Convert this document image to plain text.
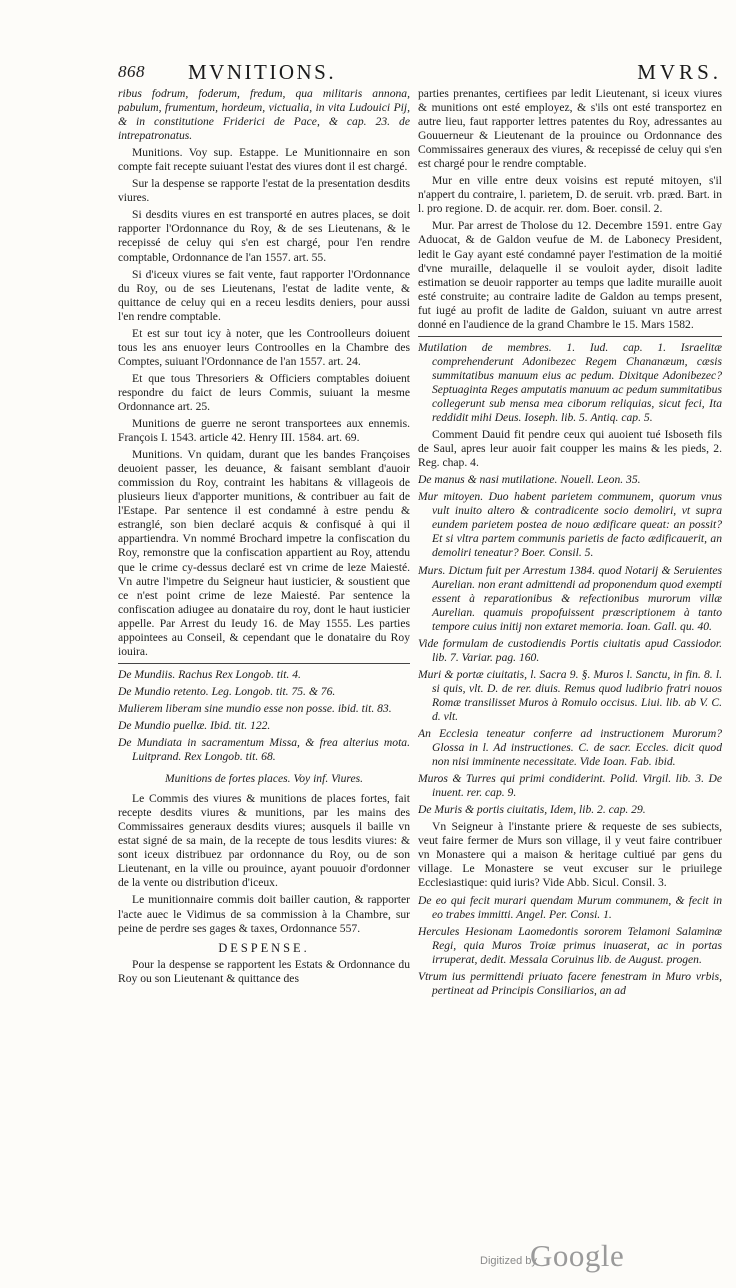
868 MVNITIONS.	MVRS.

ribus fodrum, foderum, fredum, qua militaris annona, pabulum, frumentum, hordeum, victualia, in vita Ludouici Pij, & in constitutione Friderici de Pace, & cap. 23. de intrepatronatus.

Munitions. Voy sup. Estappe. Le Munitionnaire en son compte fait recepte suiuant l'estat des viures dont il est chargé.

Sur la despense se rapporte l'estat de la presentation desdits viures.

Si desdits viures en est transporté en autres places, se doit rapporter l'Ordonnance du Roy, & de ses Lieutenans, & le recepissé de celuy qui s'en est chargé, pour l'en rendre comptable, Ordonnance de l'an 1557. art. 55.

Si d'iceux viures se fait vente, faut rapporter l'Ordonnance du Roy, ou de ses Lieutenans, l'estat de ladite vente, & quittance de celuy qui en a receu lesdits deniers, pour aussi l'en rendre comptable.

Et est sur tout icy à noter, que les Controolleurs doiuent tous les ans enuoyer leurs Controolles en la Chambre des Comptes, suiuant l'Ordonnance de l'an 1557. art. 24.

Et que tous Thresoriers & Officiers comptables doiuent respondre du faict de leurs Commis, suiuant la mesme Ordonnance art. 25.

Munitions de guerre ne seront transportees aux ennemis. François I. 1543. article 42. Henry III. 1584. art. 69.

Munitions. Vn quidam, durant que les bandes Françoises deuoient passer, les deuance, & faisant semblant d'auoir commission du Roy, contraint les habitans & villageois de plusieurs lieux d'apporter munitions, & contribuer au fait de l'Estape. Par sentence il est condamné à estre pendu & estranglé, son bien declaré acquis & confisqué à qui il appartiendra. Vn nommé Brochard impetre la confiscation du Roy, remonstre que la confiscation appartient au Roy, attendu que le crime cy-dessus declaré est vn crime de leze Maiesté. Vn autre l'impetre du Seigneur haut iusticier, & soustient que ce n'est point crime de leze Maiesté. Par sentence la confiscation adiugee au donataire du roy, dont le haut iusticier appelle. Par Arrest du Ieudy 16. de May 1555. Les parties appointees au Conseil, & cependant que le donataire du Roy iouira.

De Mundiis. Rachus Rex Longob. tit. 4.

De Mundio retento. Leg. Longob. tit. 75. & 76.

Mulierem liberam sine mundio esse non posse. ibid. tit. 83.

De Mundio puellæ. Ibid. tit. 122.

De Mundiata in sacramentum Missa, & frea alterius mota. Luitprand. Rex Longob. tit. 68.

Munitions de fortes places. Voy inf. Viures.

Le Commis des viures & munitions de places fortes, fait recepte desdits viures & munitions, par les mains des Commissaires generaux desdits viures; ausquels il baille vn estat signé de sa main, de la recepte de tous lesdits viures: & sont iceux distribuez par ordonnance du Roy, ou de son Lieutenant, en la ville ou prouince, ayant pouuoir d'ordonner de la vente ou distribution d'iceux.

Le munitionnaire commis doit bailler caution, & rapporter l'acte auec le Vidimus de sa commission à la Chambre, sur peine de perdre ses gages & taxes, Ordonnance 557.

DESPENSE.

Pour la despense se rapportent les Estats & Ordonnance du Roy ou son Lieutenant & quittance des

parties prenantes, certifiees par ledit Lieutenant, si iceux viures & munitions ont esté employez, & s'ils ont esté transportez en autre lieu, faut rapporter lettres patentes du Roy, adressantes au Gouuerneur & Lieutenant de la prouince ou Ordonnance des Commissaires generaux des viures, & recepissé de celuy qui s'en est chargé pour le rendre comptable.

Mur en ville entre deux voisins est reputé mitoyen, s'il n'appert du contraire, l. parietem, D. de seruit. vrb. præd. Bart. in l. pro regione. D. de acquir. rer. dom. Boer. consil. 2.

Mur. Par arrest de Tholose du 12. Decembre 1591. entre Gay Aduocat, & de Galdon veufue de M. de Labonecy President, ledit le Gay ayant esté condamné payer l'estimation de la moitié d'vne muraille, delaquelle il se vouloit ayder, disoit ladite estimation se deuoir rapporter au temps que ladite muraille auoit esté construite; au contraire ladite de Galdon au temps present, fut iugé au profit de ladite de Galdon, suiuant vn autre arrest donné en l'audience de la grand Chambre le 15. Mars 1582.

Mutilation de membres. 1. Iud. cap. 1. Israelitæ comprehenderunt Adonibezec Regem Chananæum, cæsis summitatibus manuum eius ac pedum. Dixitque Adonibezec? Septuaginta Reges amputatis manuum ac pedum summitatibus collegerunt sub mensa mea ciborum reliquias, sicut feci, Ita reddidit mihi Deus. Ioseph. lib. 5. Antiq. cap. 5.

Comment Dauid fit pendre ceux qui auoient tué Isboseth fils de Saul, apres leur auoir fait coupper les mains & les pieds, 2. Reg. chap. 4.

De manus & nasi mutilatione. Nouell. Leon. 35.

Mur mitoyen. Duo habent parietem communem, quorum vnus vult inuito altero & contradicente socio demoliri, vt supra eundem parietem postea de nouo ædificare queat: an possit? Et si vltra partem communis parietis de facto ædificauerit, an demoliri teneatur? Boer. Consil. 5.

Murs. Dictum fuit per Arrestum 1384. quod Notarij & Seruientes Aurelian. non erant admittendi ad proponendum quod exempti essent à reparationibus & refectionibus murorum villæ Aurelian. quamuis propofuissent præscriptionem à tanto tempore cuius initij non extaret memoria. Ioan. Gall. qu. 40.

Vide formulam de custodiendis Portis ciuitatis apud Cassiodor. lib. 7. Variar. pag. 160.

Muri & portæ ciuitatis, l. Sacra 9. §. Muros l. Sanctu, in fin. 8. l. si quis, vlt. D. de rer. diuis. Remus quod ludibrio fratri nouos Romæ transilisset Muros à Romulo occisus. Liui. lib. ab V. C. d. vlt.

An Ecclesia teneatur conferre ad instructionem Murorum? Glossa in l. Ad instructiones. C. de sacr. Eccles. dicit quod non nisi imminente necessitate. Vide Ioan. Fab. ibid.

Muros & Turres qui primi condiderint. Polid. Virgil. lib. 3. De inuent. rer. cap. 9.

De Muris & portis ciuitatis, Idem, lib. 2. cap. 29.

Vn Seigneur à l'instante priere & requeste de ses subiects, veut faire fermer de Murs son village, il y veut faire contribuer vn Monastere qui a maison & heritage cultiué par gens du village. Le Monastere se veut excuser sur le priuilege Ecclesiastique: quid iuris? Vide Abb. Sicul. Consil. 3.

De eo qui fecit murari quendam Murum communem, & fecit in eo trabes immitti. Angel. Per. Consi. 1.

Hercules Hesionam Laomedontis sororem Telamoni Salaminæ Regi, quia Muros Troiæ primus inuaserat, ac in portas irruperat, dedit. Messala Coruinus lib. de August. progen.

Vtrum ius permittendi priuato facere fenestram in Muro vrbis, pertineat ad Principis Consiliarios, an ad

Digitized by
Google
